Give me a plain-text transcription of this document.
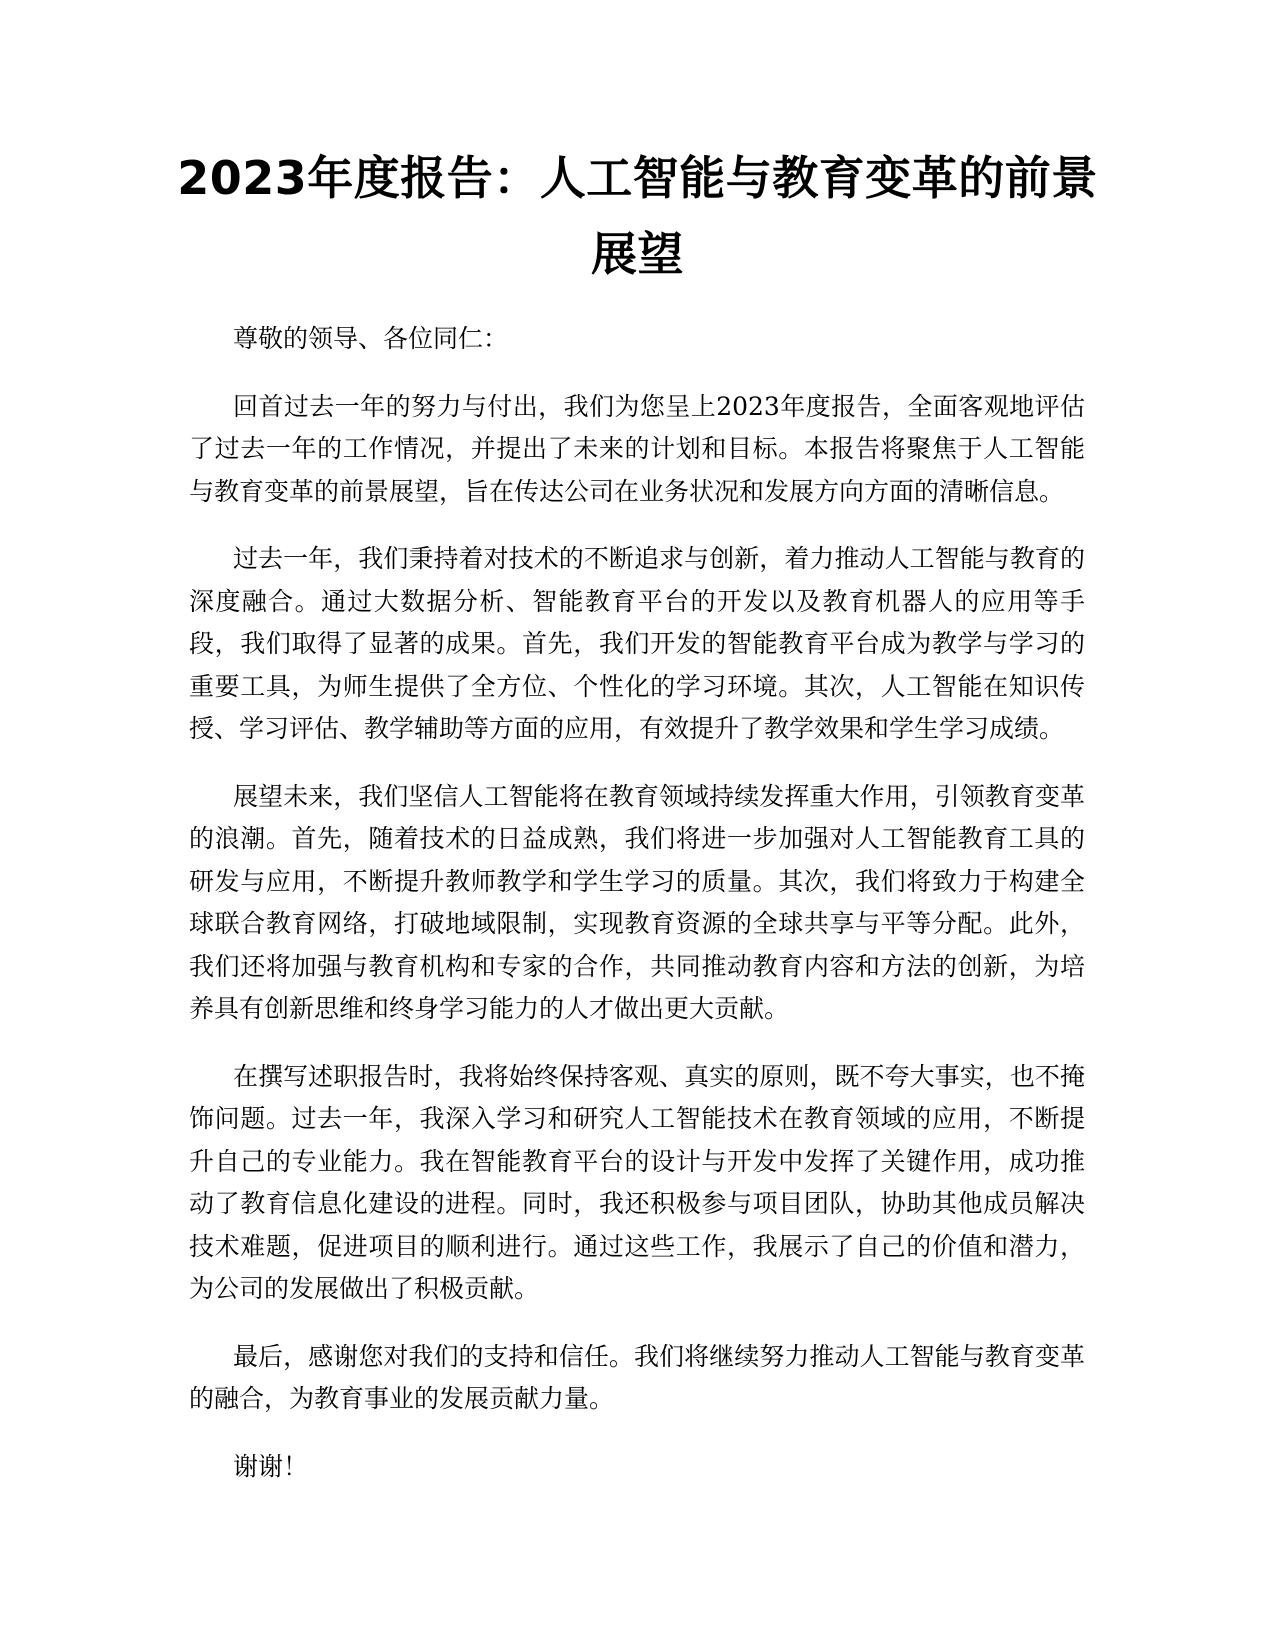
2023年度报告：人工智能与教育变革的前景展望

尊敬的领导、各位同仁：

回首过去一年的努力与付出，我们为您呈上2023年度报告，全面客观地评估了过去一年的工作情况，并提出了未来的计划和目标。本报告将聚焦于人工智能与教育变革的前景展望，旨在传达公司在业务状况和发展方向方面的清晰信息。

过去一年，我们秉持着对技术的不断追求与创新，着力推动人工智能与教育的深度融合。通过大数据分析、智能教育平台的开发以及教育机器人的应用等手段，我们取得了显著的成果。首先，我们开发的智能教育平台成为教学与学习的重要工具，为师生提供了全方位、个性化的学习环境。其次，人工智能在知识传授、学习评估、教学辅助等方面的应用，有效提升了教学效果和学生学习成绩。

展望未来，我们坚信人工智能将在教育领域持续发挥重大作用，引领教育变革的浪潮。首先，随着技术的日益成熟，我们将进一步加强对人工智能教育工具的研发与应用，不断提升教师教学和学生学习的质量。其次，我们将致力于构建全球联合教育网络，打破地域限制，实现教育资源的全球共享与平等分配。此外，我们还将加强与教育机构和专家的合作，共同推动教育内容和方法的创新，为培养具有创新思维和终身学习能力的人才做出更大贡献。

在撰写述职报告时，我将始终保持客观、真实的原则，既不夸大事实，也不掩饰问题。过去一年，我深入学习和研究人工智能技术在教育领域的应用，不断提升自己的专业能力。我在智能教育平台的设计与开发中发挥了关键作用，成功推动了教育信息化建设的进程。同时，我还积极参与项目团队，协助其他成员解决技术难题，促进项目的顺利进行。通过这些工作，我展示了自己的价值和潜力，为公司的发展做出了积极贡献。

最后，感谢您对我们的支持和信任。我们将继续努力推动人工智能与教育变革的融合，为教育事业的发展贡献力量。

谢谢！
